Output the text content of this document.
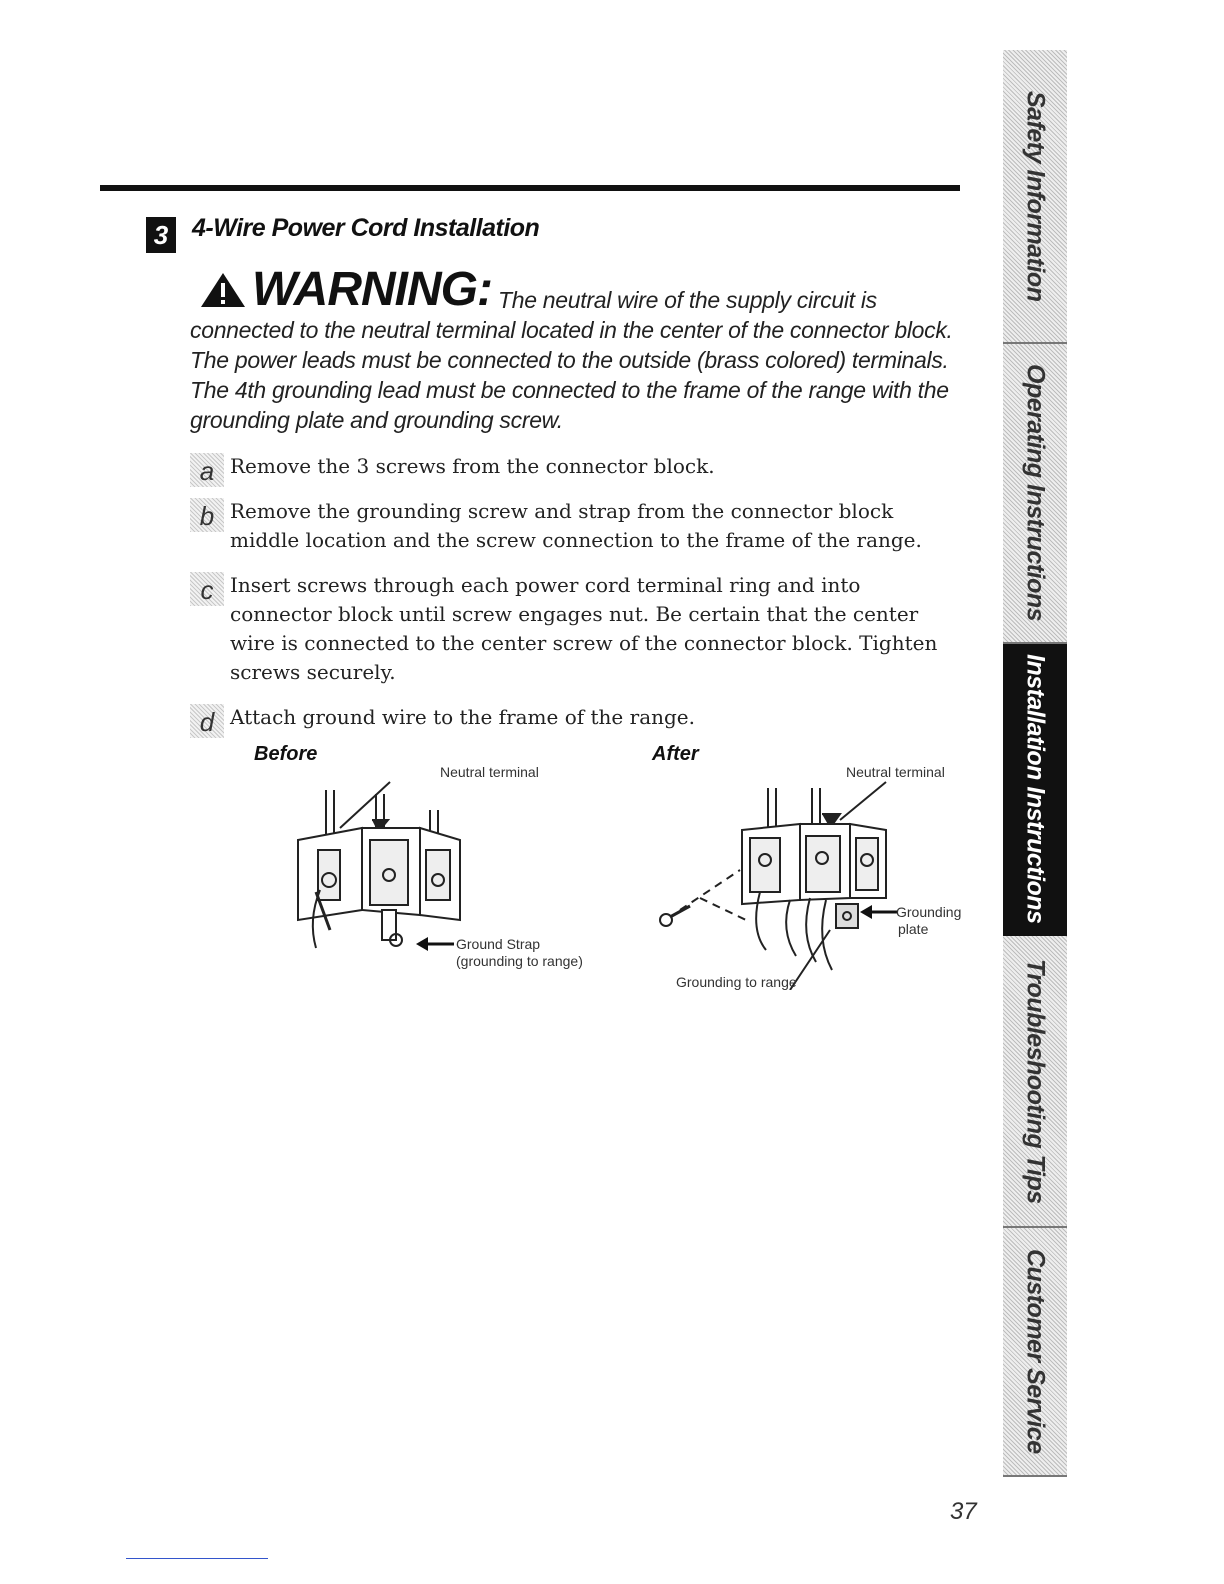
3 4-Wire Power Cord Installation
WARNING: The neutral wire of the supply circuit is connected to the neutral terminal located in the center of the connector block. The power leads must be connected to the outside (brass colored) terminals. The 4th grounding lead must be connected to the frame of the range with the grounding plate and grounding screw.
a Remove the 3 screws from the connector block.
b Remove the grounding screw and strap from the connector block middle location and the screw connection to the frame of the range.
c Insert screws through each power cord terminal ring and into connector block until screw engages nut. Be certain that the center wire is connected to the center screw of the connector block. Tighten screws securely.
d Attach ground wire to the frame of the range.
Before
Neutral terminal
Ground Strap
(grounding to range)
After
Neutral terminal
Grounding
plate
Grounding to range
Safety Information
Operating Instructions
Installation Instructions
Troubleshooting Tips
Customer Service
37
